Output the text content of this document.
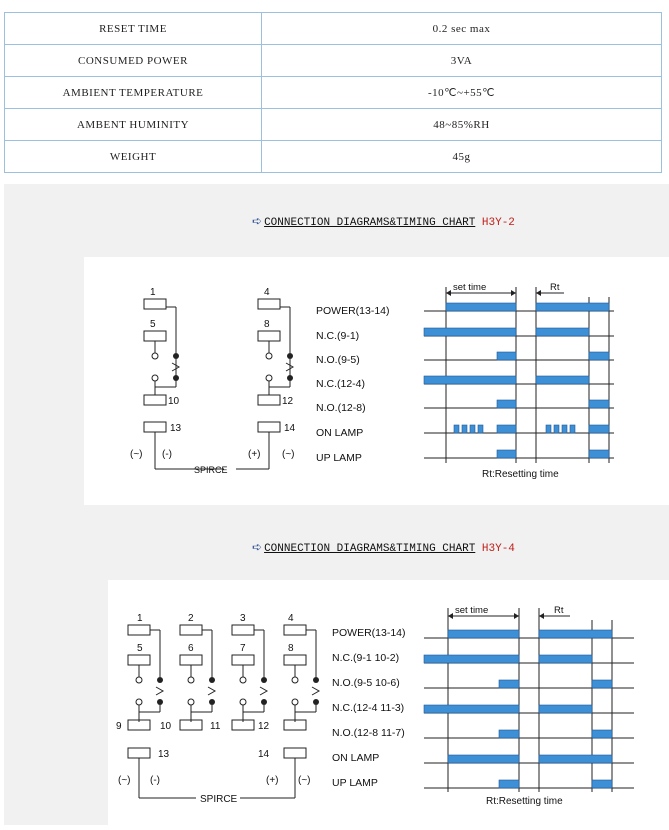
RESET TIME	0.2 sec max
CONSUMED POWER	3VA
AMBIENT TEMPERATURE	-10℃~+55℃
AMBENT HUMINITY	48~85%RH
WEIGHT	45g
➪ CONNECTION DIAGRAMS&TIMING CHART H3Y-2
1
5
10
13
4
8
12
14
(~) (-)	(+) (~)
SPIRCE
POWER(13-14)
N.C.(9-1)
N.O.(9-5)
N.C.(12-4)
N.O.(12-8)
ON LAMP
UP LAMP
set time	Rt
Rt:Resetting time
➪ CONNECTION DIAGRAMS&TIMING CHART H3Y-4
1	2	3	4
5	6	7	8
9	10	11	12
13	14
(~) (-)	(+) (~)
SPIRCE
POWER(13-14)
N.C.(9-1 10-2)
N.O.(9-5 10-6)
N.C.(12-4 11-3)
N.O.(12-8 11-7)
ON LAMP
UP LAMP
set time	Rt
Rt:Resetting time
